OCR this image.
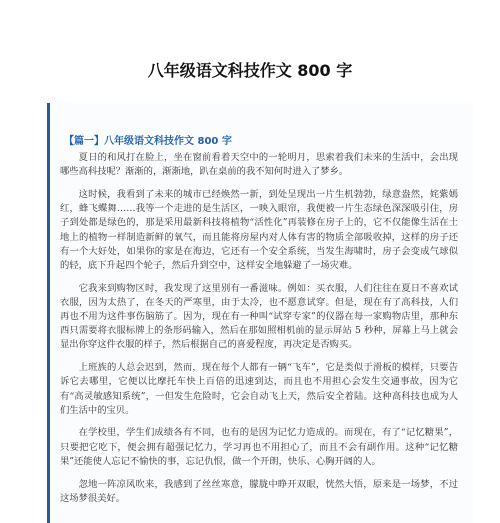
八年级语文科技作文 800 字
【篇一】八年级语文科技作文 800 字

夏日的和风打在脸上，坐在窗前看着天空中的一轮明月，思索着我们未来的生活中，会出现哪些高科技呢？渐渐的，渐渐地，趴在桌前的我不知何时进入了梦乡。

这时候，我看到了未来的城市已经焕然一新，到处呈现出一片生机勃勃，绿意盎然，姹紫嫣红，蜂飞蝶舞……我等一个走进的是生活区，一映入眼帘，我便被一片生态绿色深深吸引住，房子到处都是绿色的，那是采用最新科技将植物“活性化”再装修在房子上的，它不仅能像生活在土地上的植物一样制造新鲜的氧气，而且能将房屋内对人体有害的物质全部吸收掉，这样的房子还有一个大好处，如果你的家是在海边，它还有一个安全系统，当发生海啸时，房子会变成气球似的轻，底下升起四个轮子，然后升到空中，这样安全地躲避了一场灾难。

它我来到购物区时，我发现了这里别有一番滋味。例如：买衣服，人们往往在夏日不喜欢试衣服，因为太热了，在冬天的严寒里，由于太冷，也不愿意试穿。但是，现在有了高科技，人们再也不用为这件事伤脑筋了。因为，现在有一种叫“试穿专家”的仪器在每一家购物店里，那种东西只需要将衣服标牌上的条形码输入，然后在那如照相机前的显示屏站 5 秒种，屏幕上马上就会显出你穿这件衣服的样子，然后根据自己的喜爱程度，再决定是否购买。

上班族的人总会迟到，然而，现在每个人都有一辆“飞车”，它是类似于滑板的模样，只要告诉它去哪里，它便以比摩托车快上百倍的迅速到达，而且也不用担心会发生交通事故，因为它有“高灵敏感知系统”，一但发生危险时，它会自动飞上天，然后安全着陆。这种高科技也成为人们生活中的宝贝。

在学校里，学生们成绩各有不同，也有的是因为记忆力造成的。而现在，有了“记忆糖果”，只要把它吃下，便会拥有超强记忆力，学习再也不用担心了，而且不会有副作用。这种“记忆糖果”还能使人忘记不愉快的事，忘记仇恨，做一个开朗，快乐、心胸开阔的人。

忽地一阵凉风吹来，我感到了丝丝寒意，朦胧中睁开双眼，恍然大悟，原来是一场梦，不过这场梦很美好。
